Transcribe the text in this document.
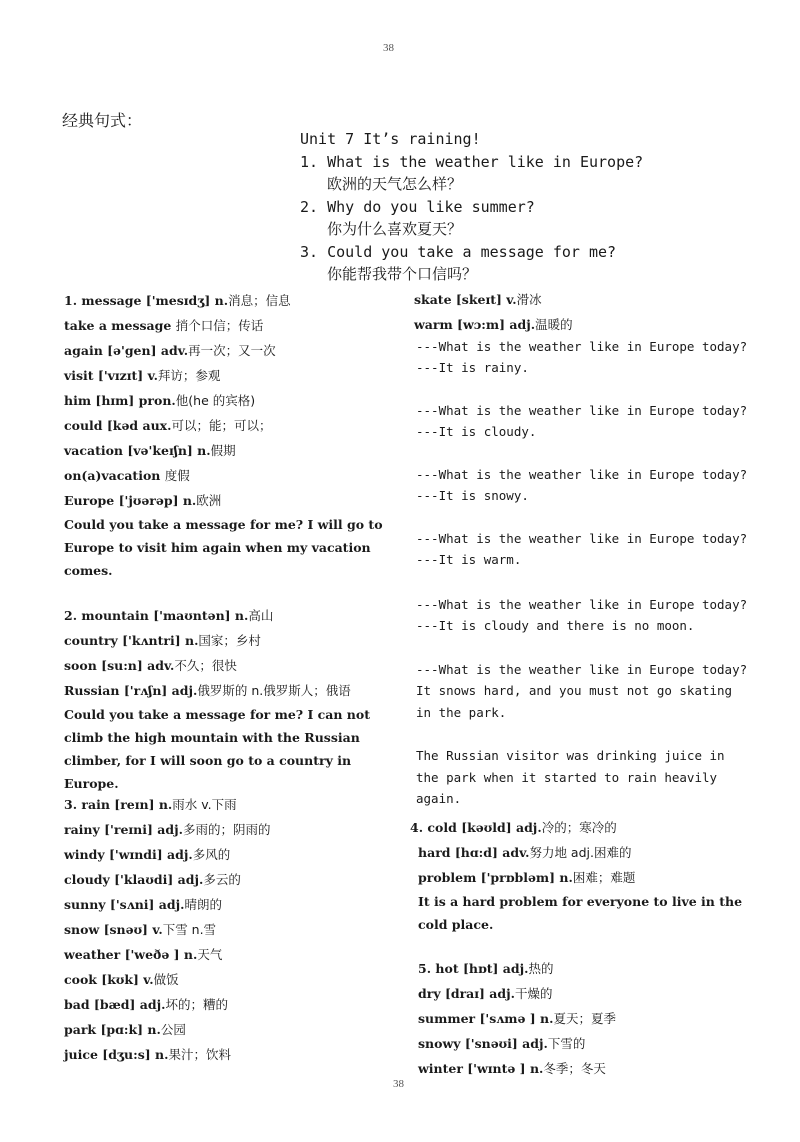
38
38
经典句式：
Unit 7 It’s raining!
1. What is the weather like in Europe?
欧洲的天气怎么样？
2. Why do you like summer?
你为什么喜欢夏天？
3. Could you take a message for me?
你能帮我带个口信吗？
1. message ['mesɪdʒ] n.消息；信息
take a message 捎个口信；传话
again [ə'gen] adv.再一次；又一次
visit ['vɪzɪt] v.拜访；参观
him [hɪm] pron.他(he 的宾格)
could [kəd aux.可以；能；可以；
vacation [və'keɪʃn] n.假期
on(a)vacation 度假
Europe ['jʊərəp] n.欧洲
Could you take a message for me? I will go to Europe to visit him again when my vacation comes.
2. mountain ['maʊntən] n.高山
country ['kʌntri] n.国家；乡村
soon [su:n] adv.不久；很快
Russian ['rʌʃn] adj.俄罗斯的 n.俄罗斯人；俄语
Could you take a message for me? I can not climb the high mountain with the Russian climber, for I will soon go to a country in Europe.
3. rain [reɪn] n.雨水 v.下雨
rainy ['reɪni] adj.多雨的；阴雨的
windy ['wɪndi] adj.多风的
cloudy ['klaʊdi] adj.多云的
sunny ['sʌni] adj.晴朗的
snow [snəʊ] v.下雪 n.雪
weather ['weðə ] n.天气
cook [kʊk] v.做饭
bad [bæd] adj.坏的；糟的
park [pɑ:k] n.公园
juice [dʒu:s] n.果汁；饮料
skate [skeɪt] v.滑冰
warm [wɔ:m] adj.温暖的
---What is the weather like in Europe today?
---It is rainy.
---What is the weather like in Europe today?
---It is cloudy.
---What is the weather like in Europe today?
---It is snowy.
---What is the weather like in Europe today?
---It is warm.
---What is the weather like in Europe today?
---It is cloudy and there is no moon.
---What is the weather like in Europe today?
It snows hard, and you must not go skating in the park.
The Russian visitor was drinking juice in the park when it started to rain heavily again.
4. cold [kəʊld] adj.冷的；寒冷的
hard [hɑ:d] adv.努力地 adj.困难的
problem ['prɒbləm] n.困难；难题
It is a hard problem for everyone to live in the cold place.
5. hot [hɒt] adj.热的
dry [draɪ] adj.干燥的
summer ['sʌmə ] n.夏天；夏季
snowy ['snəʊi] adj.下雪的
winter ['wɪntə ] n.冬季；冬天
